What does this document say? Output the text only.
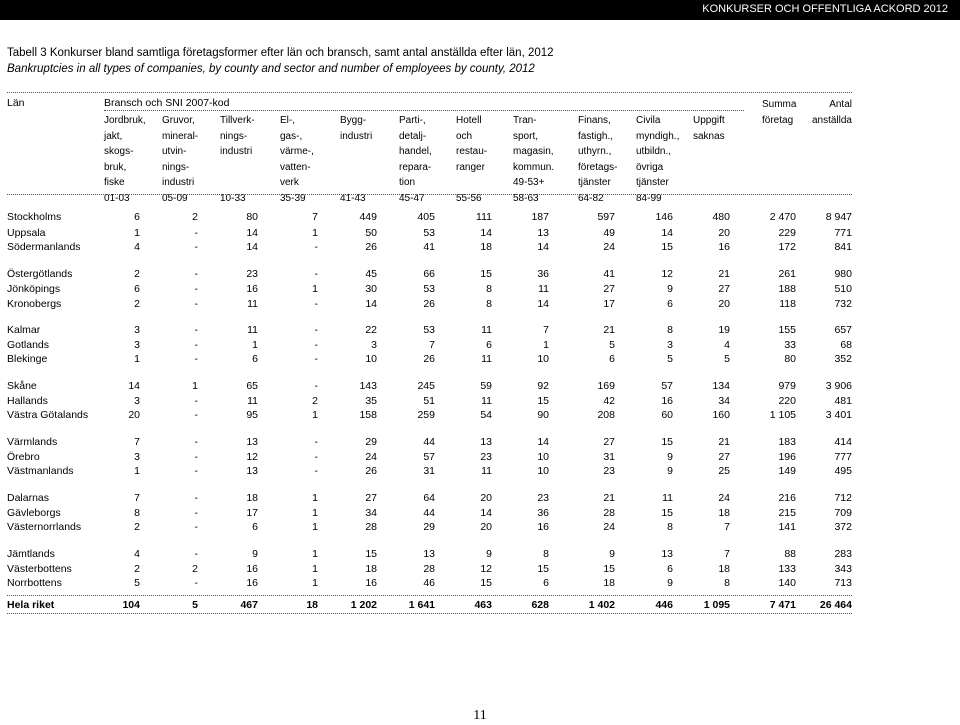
KONKURSER OCH OFFENTLIGA ACKORD 2012
Tabell 3 Konkurser bland samtliga företagsformer efter län och bransch, samt antal anställda efter län, 2012
Bankruptcies in all types of companies, by county and sector and number of employees by county, 2012
Län	Bransch och SNI 2007-kod	Summa
företag
Antal
anställda
Jordbruk,
jakt,
skogs-
bruk,
fiske
01-03
Gruvor,
mineral-
utvin-
nings-
industri
05-09
Tillverk-
nings-
industri

10-33
El-,
gas-,
värme-,
vatten-
verk
35-39
Bygg-
industri

41-43
Parti-,
detalj-
handel,
repara-
tion
45-47
Hotell
och
restau-
ranger

55-56
Tran-
sport,
magasin,
kommun.
49-53+
58-63
Finans,
fastigh.,
uthyrn.,
företags-
tjänster
64-82
Civila
myndigh.,
utbildn.,
övriga
tjänster
84-99
Uppgift
saknas

Stockholms	6	2	80	7	449	405	111	187	597	146	480	2 470	8 947
Uppsala	1	-	14	1	50	53	14	13	49	14	20	229	771
Södermanlands	4	-	14	-	26	41	18	14	24	15	16	172	841
Östergötlands	2	-	23	-	45	66	15	36	41	12	21	261	980
Jönköpings	6	-	16	1	30	53	8	11	27	9	27	188	510
Kronobergs	2	-	11	-	14	26	8	14	17	6	20	118	732
Kalmar	3	-	11	-	22	53	11	7	21	8	19	155	657
Gotlands	3	-	1	-	3	7	6	1	5	3	4	33	68
Blekinge	1	-	6	-	10	26	11	10	6	5	5	80	352
Skåne	14	1	65	-	143	245	59	92	169	57	134	979	3 906
Hallands	3	-	11	2	35	51	11	15	42	16	34	220	481
Västra Götalands	20	-	95	1	158	259	54	90	208	60	160	1 105	3 401
Värmlands	7	-	13	-	29	44	13	14	27	15	21	183	414
Örebro	3	-	12	-	24	57	23	10	31	9	27	196	777
Västmanlands	1	-	13	-	26	31	11	10	23	9	25	149	495
Dalarnas	7	-	18	1	27	64	20	23	21	11	24	216	712
Gävleborgs	8	-	17	1	34	44	14	36	28	15	18	215	709
Västernorrlands	2	-	6	1	28	29	20	16	24	8	7	141	372
Jämtlands	4	-	9	1	15	13	9	8	9	13	7	88	283
Västerbottens	2	2	16	1	18	28	12	15	15	6	18	133	343
Norrbottens	5	-	16	1	16	46	15	6	18	9	8	140	713
Hela riket	104	5	467	18	1 202	1 641	463	628	1 402	446	1 095	7 471	26 464
11
